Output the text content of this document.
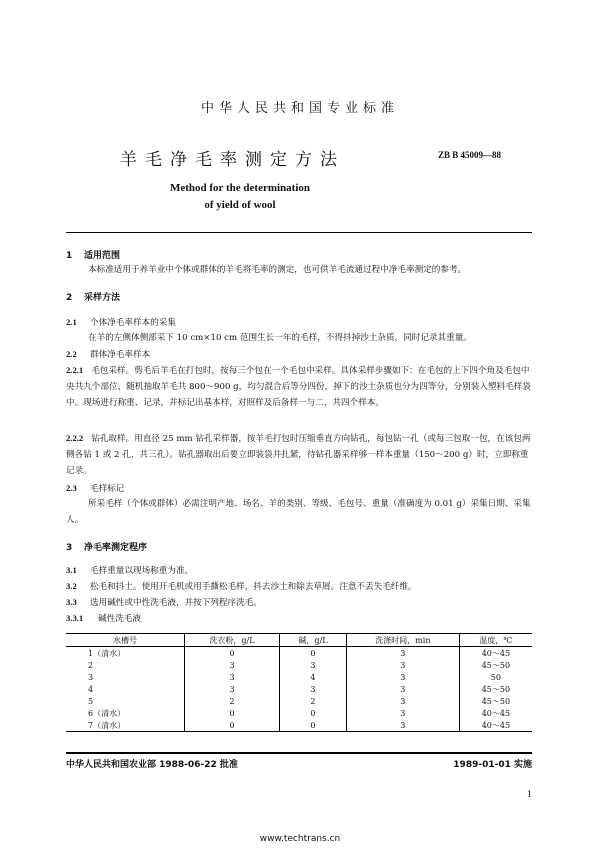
中华人民共和国专业标准
羊毛净毛率测定方法	ZB B 45009—88
Method for the determination
of yield of wool
1 适用范围
本标准适用于养羊业中个体或群体的羊毛将毛率的测定，也可供羊毛流通过程中净毛率测定的参考。
2 采样方法
2.1 个体净毛率样本的采集
在羊的左侧体侧部采下 10 cm×10 cm 范围生长一年的毛样，不得抖掉沙土杂质，同时记录其重量。
2.2 群体净毛率样本
2.2.1 毛包采样。剪毛后羊毛在打包时，按每三个包在一个毛包中采样。具体采样步骤如下：在毛包的上下四个角及毛包中央共九个部位，随机抽取羊毛共 800～900 g，均匀混合后等分四份，掉下的沙土杂质也分为四等分，分别装入塑料毛样袋中。现场进行称重、记录，并标记出基本样，对照样及后备样一与二，共四个样本。
2.2.2 钻孔取样。用直径 25 mm 钻孔采样器，按羊毛打包时压缩垂直方向钻孔，每包钻一孔（或每三包取一包，在该包两侧各钻 1 或 2 孔，共三孔）。钻孔器取出后要立即装袋并扎紧，待钻孔器采样够一样本重量（150～200 g）时，立即称重记录。
2.3 毛样标记
所采毛样（个体或群体）必需注明产地、场名、羊的类别、等级、毛包号、重量（准确度为 0.01 g）采集日期、采集人。
3 净毛率测定程序
3.1 毛样重量以现场称重为准。
3.2 松毛和抖土。使用开毛机或用手撕松毛样，抖去沙土和除去草屑。注意不丢失毛纤维。
3.3 选用碱性或中性洗毛液，并按下列程序洗毛。
3.3.1 碱性洗毛液
水槽号	洗衣粉，g/L	碱，g/L	洗涤时间，min	温度，℃
1（清水）	0	0	3	40～45
2	3	3	3	45～50
3	3	4	3	50
4	3	3	3	45～50
5	2	2	3	45～50
6（清水）	0	0	3	40～45
7（清水）	0	0	3	40～45
中华人民共和国农业部 1988-06-22 批准	1989-01-01 实施
1
www.techtrans.cn
